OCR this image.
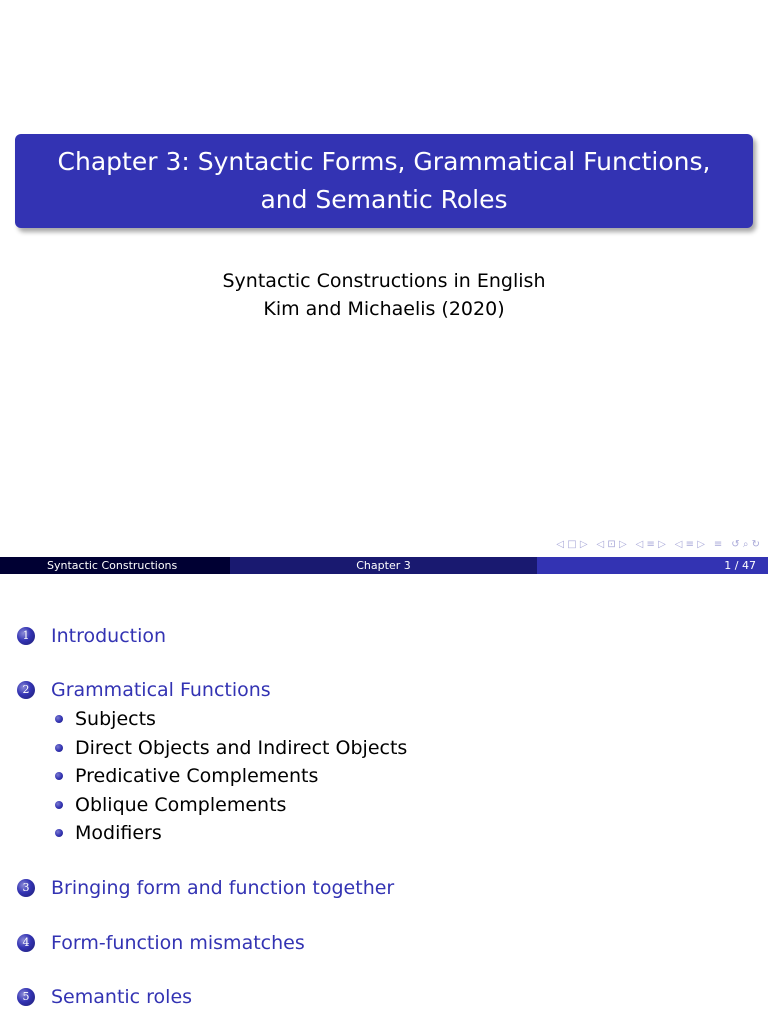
Chapter 3: Syntactic Forms, Grammatical Functions,
and Semantic Roles
Syntactic Constructions in English
Kim and Michaelis (2020)
◁ □ ▷ ◁ ⊡ ▷ ◁ ≡ ▷ ◁ ≡ ▷ ≡ ↺ ⌕ ↻
Syntactic Constructions	Chapter 3	1 / 47
1 Introduction
2 Grammatical Functions
Subjects
Direct Objects and Indirect Objects
Predicative Complements
Oblique Complements
Modifiers
3 Bringing form and function together
4 Form-function mismatches
5 Semantic roles
